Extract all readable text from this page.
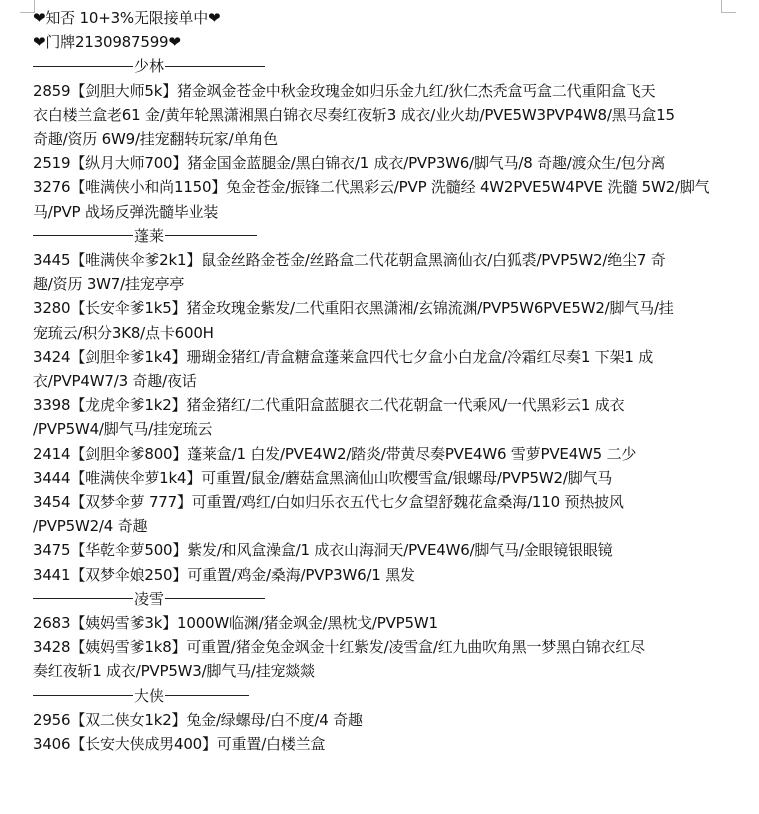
❤知否 10+3%无限接单中❤
❤门牌2130987599❤
少林
2859【剑胆大师5k】猪金飒金苍金中秋金玫瑰金如归乐金九红/狄仁杰秃盒丐盒二代重阳盒飞天
衣白楼兰盒老61 金/黄年轮黑潇湘黑白锦衣尽奏红夜斩3 成衣/业火劫/PVE5W3PVP4W8/黑马盒15
奇趣/资历 6W9/挂宠翻转玩家/单角色
2519【纵月大师700】猪金国金蓝腿金/黑白锦衣/1 成衣/PVP3W6/脚气马/8 奇趣/渡众生/包分离
3276【唯满侠小和尚1150】兔金苍金/振锋二代黑彩云/PVP 洗髓经 4W2PVE5W4PVE 洗髓 5W2/脚气
马/PVP 战场反弹洗髓毕业装
蓬莱
3445【唯满侠伞爹2k1】鼠金丝路金苍金/丝路盒二代花朝盒黑滴仙衣/白狐裘/PVP5W2/绝尘7 奇
趣/资历 3W7/挂宠亭亭
3280【长安伞爹1k5】猪金玫瑰金紫发/二代重阳衣黑潇湘/玄锦流渊/PVP5W6PVE5W2/脚气马/挂
宠琉云/积分3K8/点卡600H
3424【剑胆伞爹1k4】珊瑚金猪红/青盒糖盒蓬莱盒四代七夕盒小白龙盒/冷霜红尽奏1 下架1 成
衣/PVP4W7/3 奇趣/夜话
3398【龙虎伞爹1k2】猪金猪红/二代重阳盒蓝腿衣二代花朝盒一代乘风/一代黑彩云1 成衣
/PVP5W4/脚气马/挂宠琉云
2414【剑胆伞爹800】蓬莱盒/1 白发/PVE4W2/踏炎/带黄尽奏PVE4W6 雪萝PVE4W5 二少
3444【唯满侠伞萝1k4】可重置/鼠金/蘑菇盒黑滴仙山吹樱雪盒/银螺母/PVP5W2/脚气马
3454【双梦伞萝 777】可重置/鸡红/白如归乐衣五代七夕盒望舒魏花盒桑海/110 预热披风
/PVP5W2/4 奇趣
3475【华乾伞萝500】紫发/和风盒澡盒/1 成衣山海洞天/PVE4W6/脚气马/金眼镜银眼镜
3441【双梦伞娘250】可重置/鸡金/桑海/PVP3W6/1 黑发
凌雪
2683【姨妈雪爹3k】1000W临渊/猪金飒金/黑枕戈/PVP5W1
3428【姨妈雪爹1k8】可重置/猪金兔金飒金十红紫发/凌雪盒/红九曲吹角黑一梦黑白锦衣红尽
奏红夜斩1 成衣/PVP5W3/脚气马/挂宠燚燚
大侠
2956【双二侠女1k2】兔金/绿螺母/白不度/4 奇趣
3406【长安大侠成男400】可重置/白楼兰盒
